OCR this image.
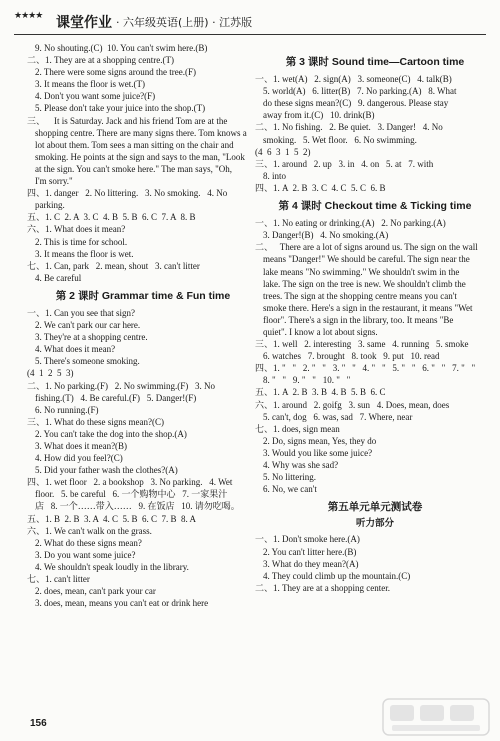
★★★★ 课堂作业 · 六年级英语(上册) · 江苏版
9. No shouting.(C)  10. You can't swim here.(B)
二、1. They are at a shopping centre.(T)
2. There were some signs around the tree.(F)
3. It means the floor is wet.(T)
4. Don't you want some juice?(F)
5. Please don't take your juice into the shop.(T)
三、    It is Saturday. Jack and his friend Tom are at the
shopping centre. There are many signs there. Tom knows a
lot about them. Tom sees a man sitting on the chair and
smoking. He points at the sign and says to the man, "Look
at the sign. You can't smoke here." The man says, "Oh,
I'm sorry."
四、1. danger   2. No littering.   3. No smoking.   4. No
parking.
五、1. C  2. A  3. C  4. B  5. B  6. C  7. A  8. B
六、1. What does it mean?
2. This is time for school.
3. It means the floor is wet.
七、1. Can, park   2. mean, shout   3. can't litter
4. Be careful
第 2 课时 Grammar time & Fun time
一、1. Can you see that sign?
2. We can't park our car here.
3. They're at a shopping centre.
4. What does it mean?
5. There's someone smoking.
(4  1  2  5  3)
二、1. No parking.(F)   2. No swimming.(F)   3. No
fishing.(T)   4. Be careful.(F)   5. Danger!(F)
6. No running.(F)
三、1. What do these signs mean?(C)
2. You can't take the dog into the shop.(A)
3. What does it mean?(B)
4. How did you feel?(C)
5. Did your father wash the clothes?(A)
四、1. wet floor   2. a bookshop   3. No parking.   4. Wet
floor.   5. be careful   6. 一个购物中心   7. 一家果汁
店   8. 一个……带入……   9. 在饭店   10. 请勿吃喝。
五、1. B  2. B  3. A  4. C  5. B  6. C  7. B  8. A
六、1. We can't walk on the grass.
2. What do these signs mean?
3. Do you want some juice?
4. We shouldn't speak loudly in the library.
七、1. can't litter
2. does, mean, can't park your car
3. does, mean, means you can't eat or drink here
第 3 课时 Sound time—Cartoon time
一、1. wet(A)   2. sign(A)   3. someone(C)   4. talk(B)
5. world(A)   6. litter(B)   7. No parking.(A)   8. What
do these signs mean?(C)   9. dangerous. Please stay
away from it.(C)   10. drink(B)
二、1. No fishing.   2. Be quiet.   3. Danger!   4. No
smoking.   5. Wet floor.   6. No swimming.
(4  6  3  1  5  2)
三、1. around   2. up   3. in   4. on   5. at   7. with
8. into
四、1. A  2. B  3. C  4. C  5. C  6. B
第 4 课时 Checkout time & Ticking time
一、1. No eating or drinking.(A)   2. No parking.(A)
3. Danger!(B)   4. No smoking.(A)
二、   There are a lot of signs around us. The sign on the wall
means "Danger!" We should be careful. The sign near the
lake means "No swimming." We shouldn't swim in the
lake. The sign on the tree is new. We shouldn't climb the
trees. The sign at the shopping centre means you can't
smoke there. Here's a sign in the restaurant, it means "Wet
floor". There's a sign in the library, too. It means "Be
quiet". I know a lot about signs.
三、1. well   2. interesting   3. same   4. running   5. smoke
6. watches   7. brought   8. took   9. put   10. read
四、1. "   "   2. "   "   3. "   "   4. "   "   5. "   "   6. "   "   7. "   "
8. "   "   9. "   "   10. "   "
五、1. A  2. B  3. B  4. B  5. B  6. C
六、1. around   2. goifg   3. sun   4. Does, mean, does
5. can't, dog   6. was, sad   7. Where, near
七、1. does, sign mean
2. Do, signs mean, Yes, they do
3. Would you like some juice?
4. Why was she sad?
5. No littering.
6. No, we can't
第五单元单元测试卷
听力部分
一、1. Don't smoke here.(A)
2. You can't litter here.(B)
3. What do they mean?(A)
4. They could climb up the mountain.(C)
二、1. They are at a shopping center.
156
